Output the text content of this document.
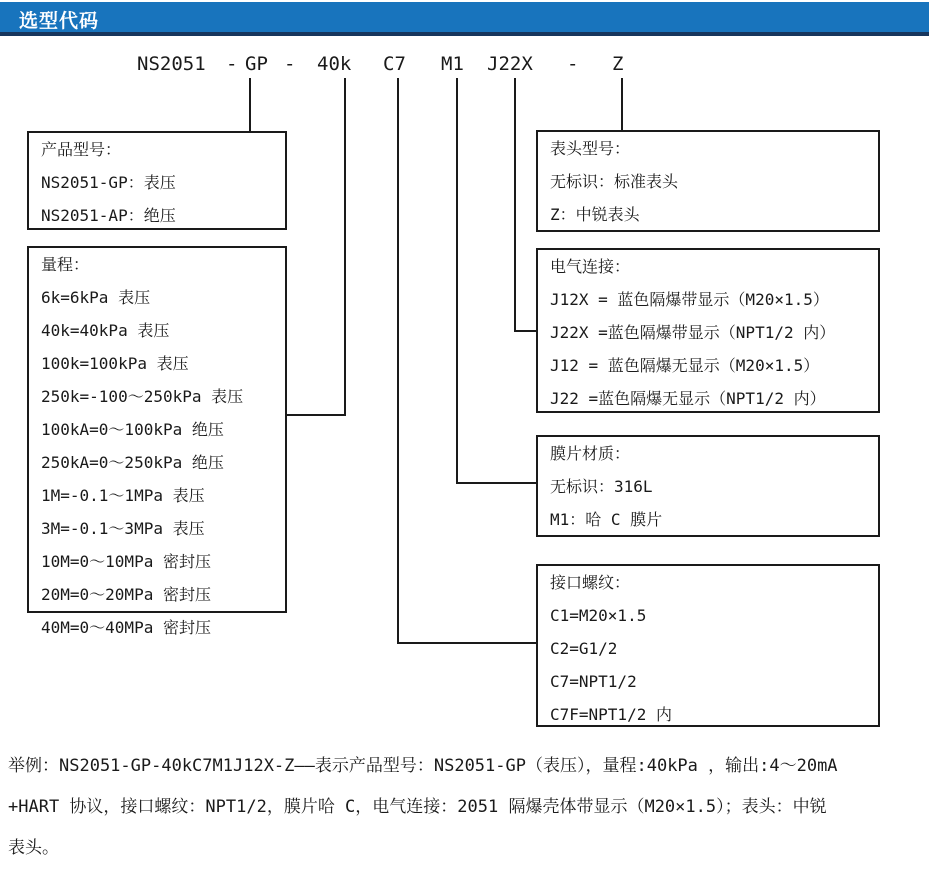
选型代码
NS2051 - GP - 40k C7 M1 J22X - Z
产品型号：
NS2051-GP：表压
NS2051-AP：绝压
量程：
6k=6kPa 表压
40k=40kPa 表压
100k=100kPa 表压
250k=-100～250kPa 表压
100kA=0～100kPa 绝压
250kA=0～250kPa 绝压
1M=-0.1～1MPa 表压
3M=-0.1～3MPa 表压
10M=0～10MPa 密封压
20M=0～20MPa 密封压
40M=0～40MPa 密封压
表头型号：
无标识：标准表头
Z：中锐表头
电气连接：
J12X = 蓝色隔爆带显示（M20×1.5）
J22X =蓝色隔爆带显示（NPT1/2 内）
J12 = 蓝色隔爆无显示（M20×1.5）
J22 =蓝色隔爆无显示（NPT1/2 内）
膜片材质：
无标识：316L
M1：哈 C 膜片
接口螺纹：
C1=M20×1.5
C2=G1/2
C7=NPT1/2
C7F=NPT1/2 内
举例：NS2051-GP-40kC7M1J12X-Z——表示产品型号：NS2051-GP（表压），量程:40kPa ，输出:4～20mA
+HART 协议，接口螺纹：NPT1/2，膜片哈 C，电气连接：2051 隔爆壳体带显示（M20×1.5）；表头：中锐
表头。
